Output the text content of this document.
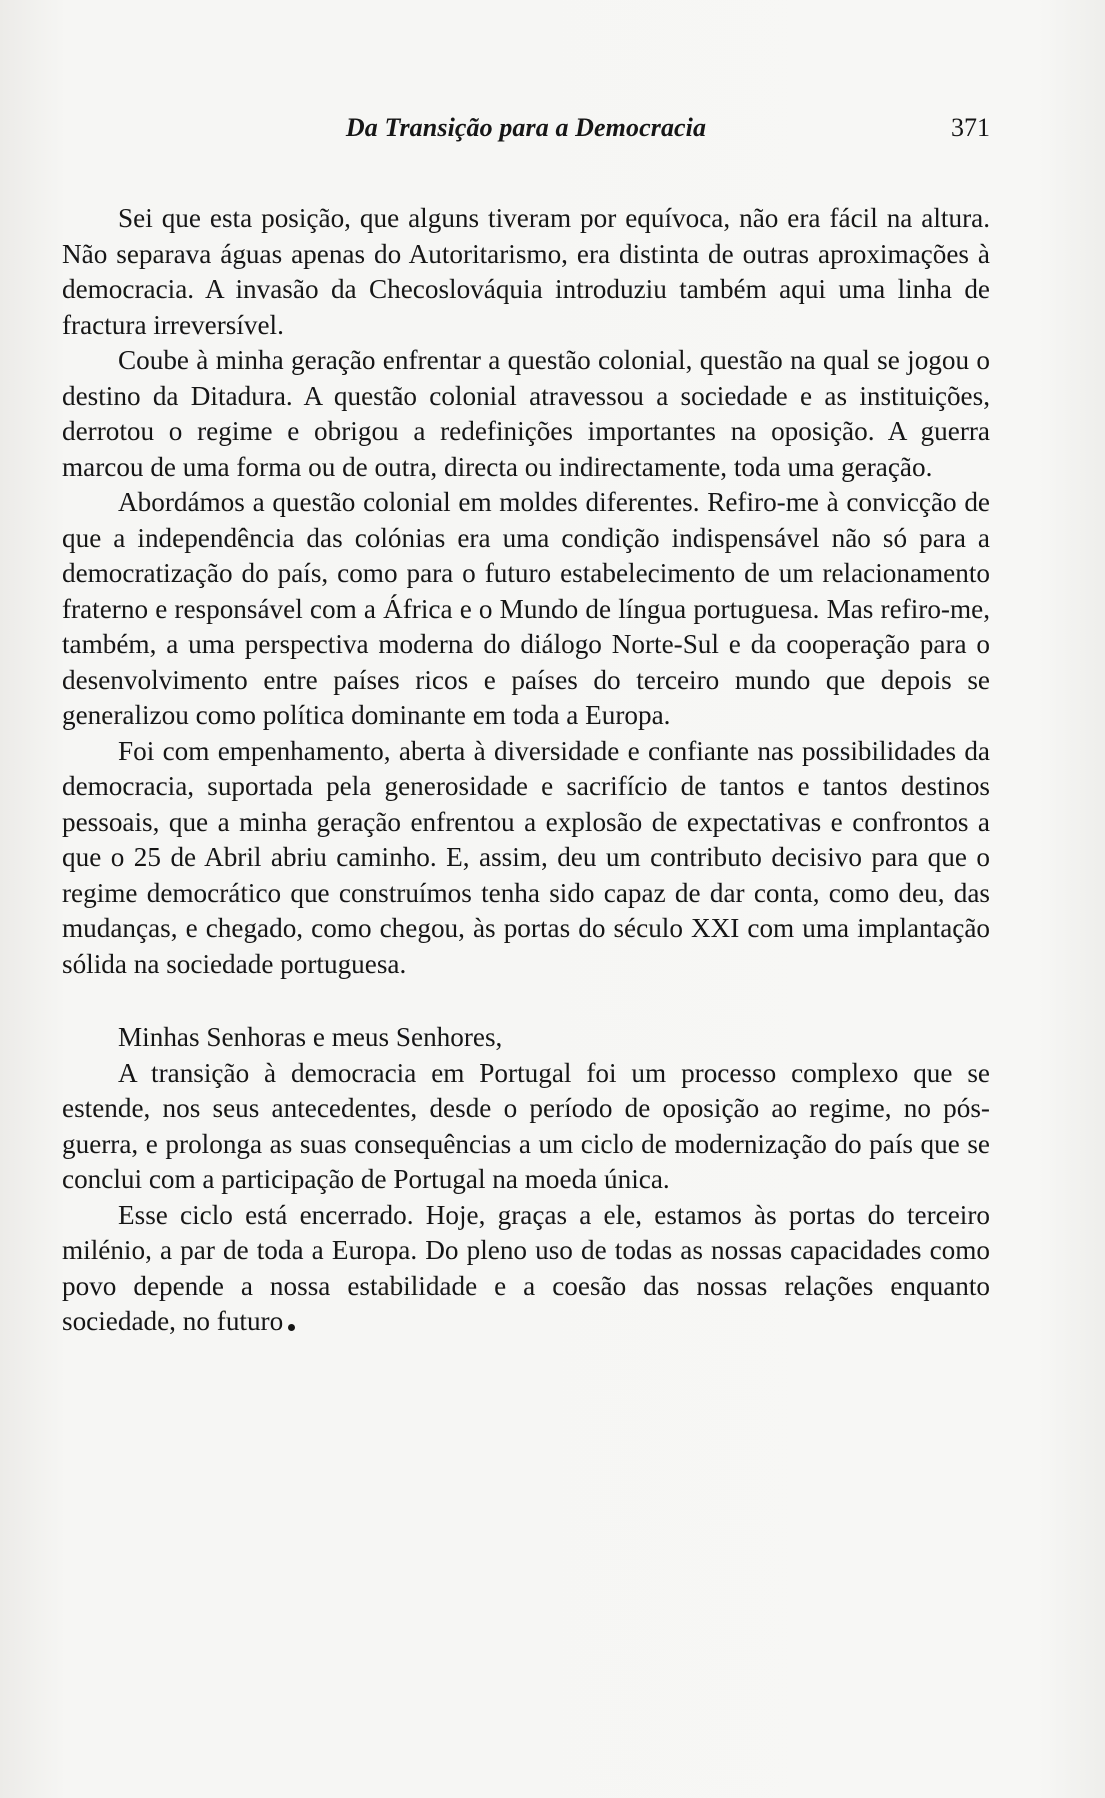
Da Transição para a Democracia	371

Sei que esta posição, que alguns tiveram por equívoca, não era fácil na altura. Não separava águas apenas do Autoritarismo, era distinta de outras aproximações à democracia. A invasão da Checoslováquia introduziu também aqui uma linha de fractura irreversível.

Coube à minha geração enfrentar a questão colonial, questão na qual se jogou o destino da Ditadura. A questão colonial atravessou a sociedade e as instituições, derrotou o regime e obrigou a redefinições importantes na oposição. A guerra marcou de uma forma ou de outra, directa ou indirectamente, toda uma geração.

Abordámos a questão colonial em moldes diferentes. Refiro-me à convicção de que a independência das colónias era uma condição indispensável não só para a democratização do país, como para o futuro estabelecimento de um relacionamento fraterno e responsável com a África e o Mundo de língua portuguesa. Mas refiro-me, também, a uma perspectiva moderna do diálogo Norte-Sul e da cooperação para o desenvolvimento entre países ricos e países do terceiro mundo que depois se generalizou como política dominante em toda a Europa.

Foi com empenhamento, aberta à diversidade e confiante nas possibilidades da democracia, suportada pela generosidade e sacrifício de tantos e tantos destinos pessoais, que a minha geração enfrentou a explosão de expectativas e confrontos a que o 25 de Abril abriu caminho. E, assim, deu um contributo decisivo para que o regime democrático que construímos tenha sido capaz de dar conta, como deu, das mudanças, e chegado, como chegou, às portas do século XXI com uma implantação sólida na sociedade portuguesa.

Minhas Senhoras e meus Senhores,

A transição à democracia em Portugal foi um processo complexo que se estende, nos seus antecedentes, desde o período de oposição ao regime, no pós-guerra, e prolonga as suas consequências a um ciclo de modernização do país que se conclui com a participação de Portugal na moeda única.

Esse ciclo está encerrado. Hoje, graças a ele, estamos às portas do terceiro milénio, a par de toda a Europa. Do pleno uso de todas as nossas capacidades como povo depende a nossa estabilidade e a coesão das nossas relações enquanto sociedade, no futuro
